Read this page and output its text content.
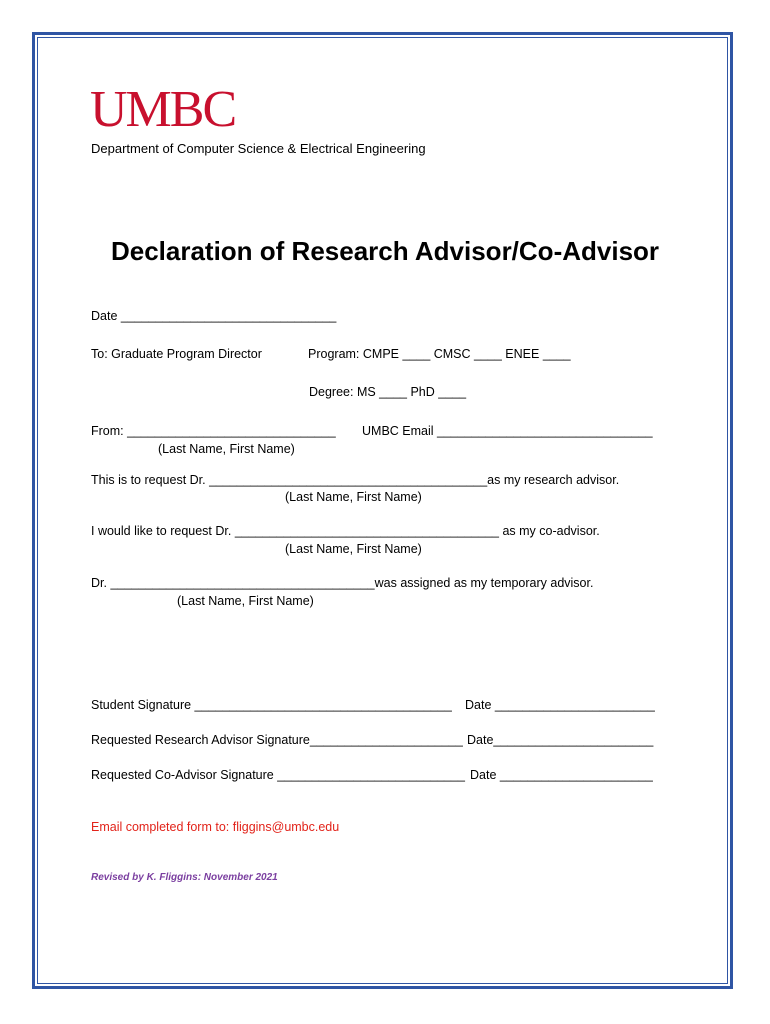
UMBC
Department of Computer Science & Electrical Engineering
Declaration of Research Advisor/Co-Advisor
Date _______________________________
To: Graduate Program Director	Program: CMPE ____ CMSC ____ ENEE ____
Degree: MS ____ PhD ____
From: ______________________________ UMBC Email _______________________________
(Last Name, First Name)
This is to request Dr. ________________________________________as my research advisor.
(Last Name, First Name)
I would like to request Dr. ______________________________________ as my co-advisor.
(Last Name, First Name)
Dr. ______________________________________was assigned as my temporary advisor.
(Last Name, First Name)
Student Signature _____________________________________ Date _______________________
Requested Research Advisor Signature______________________ Date_______________________
Requested Co-Advisor Signature ___________________________ Date ______________________
Email completed form to: fliggins@umbc.edu
Revised by K. Fliggins: November 2021
